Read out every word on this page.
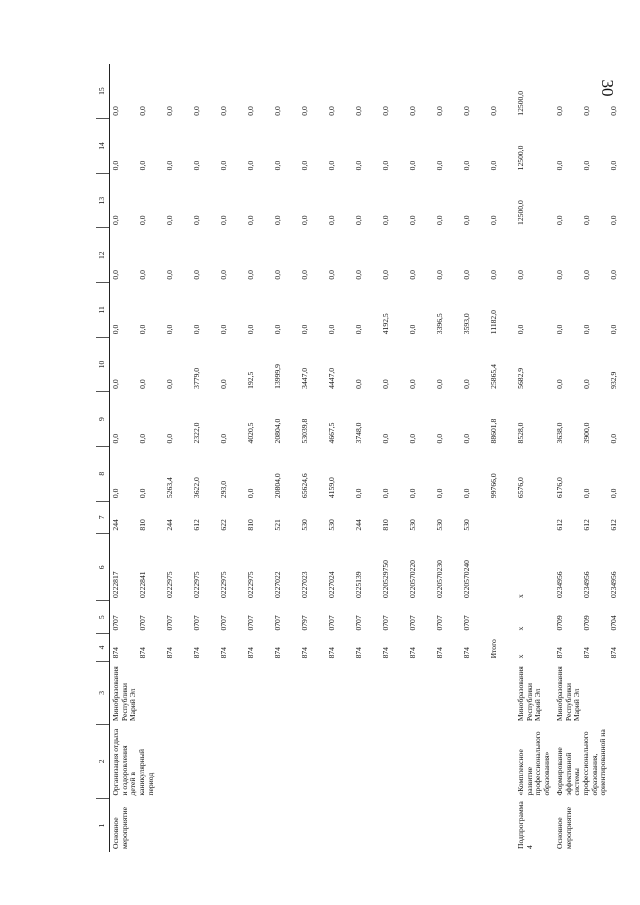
30
1	2	3	4	5	6	7	8	9	10	11	12	13	14	15
Основное мероприятие	Организация отдыха и оздоровления детей в каникулярный период	Минобразования Республики Марий Эл	874	0707	0222817	244	0,0	0,0	0,0	0,0	0,0	0,0	0,0	0,0
			874	0707	0222841	810	0,0	0,0	0,0	0,0	0,0	0,0	0,0	0,0
			874	0707	0222975	244	5263,4	0,0	0,0	0,0	0,0	0,0	0,0	0,0
			874	0707	0222975	612	3622,0	2322,0	3779,0	0,0	0,0	0,0	0,0	0,0
			874	0707	0222975	622	293,0	0,0	0,0	0,0	0,0	0,0	0,0	0,0
			874	0707	0222975	810	0,0	4020,5	192,5	0,0	0,0	0,0	0,0	0,0
			874	0707	0227022	521	20804,0	20804,0	13999,9	0,0	0,0	0,0	0,0	0,0
			874	0797	0227023	530	65624,6	53039,8	3447,0	0,0	0,0	0,0	0,0	0,0
			874	0707	0227024	530	4159,0	4667,5	4447,0	0,0	0,0	0,0	0,0	0,0
			874	0707	0225139	244	0,0	3748,0	0,0	0,0	0,0	0,0	0,0	0,0
			874	0707	0220529750	810	0,0	0,0	0,0	4192,5	0,0	0,0	0,0	0,0
			874	0707	0220570220	530	0,0	0,0	0,0	0,0	0,0	0,0	0,0	0,0
			874	0707	0220570230	530	0,0	0,0	0,0	3396,5	0,0	0,0	0,0	0,0
			874	0707	0220570240	530	0,0	0,0	0,0	3593,0	0,0	0,0	0,0	0,0
			Итого				99766,0	88601,8	25865,4	11182,0	0,0	0,0	0,0	0,0
Подпрограмма 4	«Комплексное развитие профессионального образования»	Минобразования Республики Марий Эл	x	x	x		6576,0	8528,0	5682,9	0,0	0,0	12500,0	12500,0	12500,0
Основное мероприятие	Формирование эффективной системы профессионального образования, ориентированной на	Минобразования Республики Марий Эл	874	0709	0234956	612	6176,0	3638,0	0,0	0,0	0,0	0,0	0,0	0,0
			874	0709	0234956	612	0,0	3900,0	0,0	0,0	0,0	0,0	0,0	0,0
			874	0704	0234956	612	0,0	0,0	932,9	0,0	0,0	0,0	0,0	0,0
